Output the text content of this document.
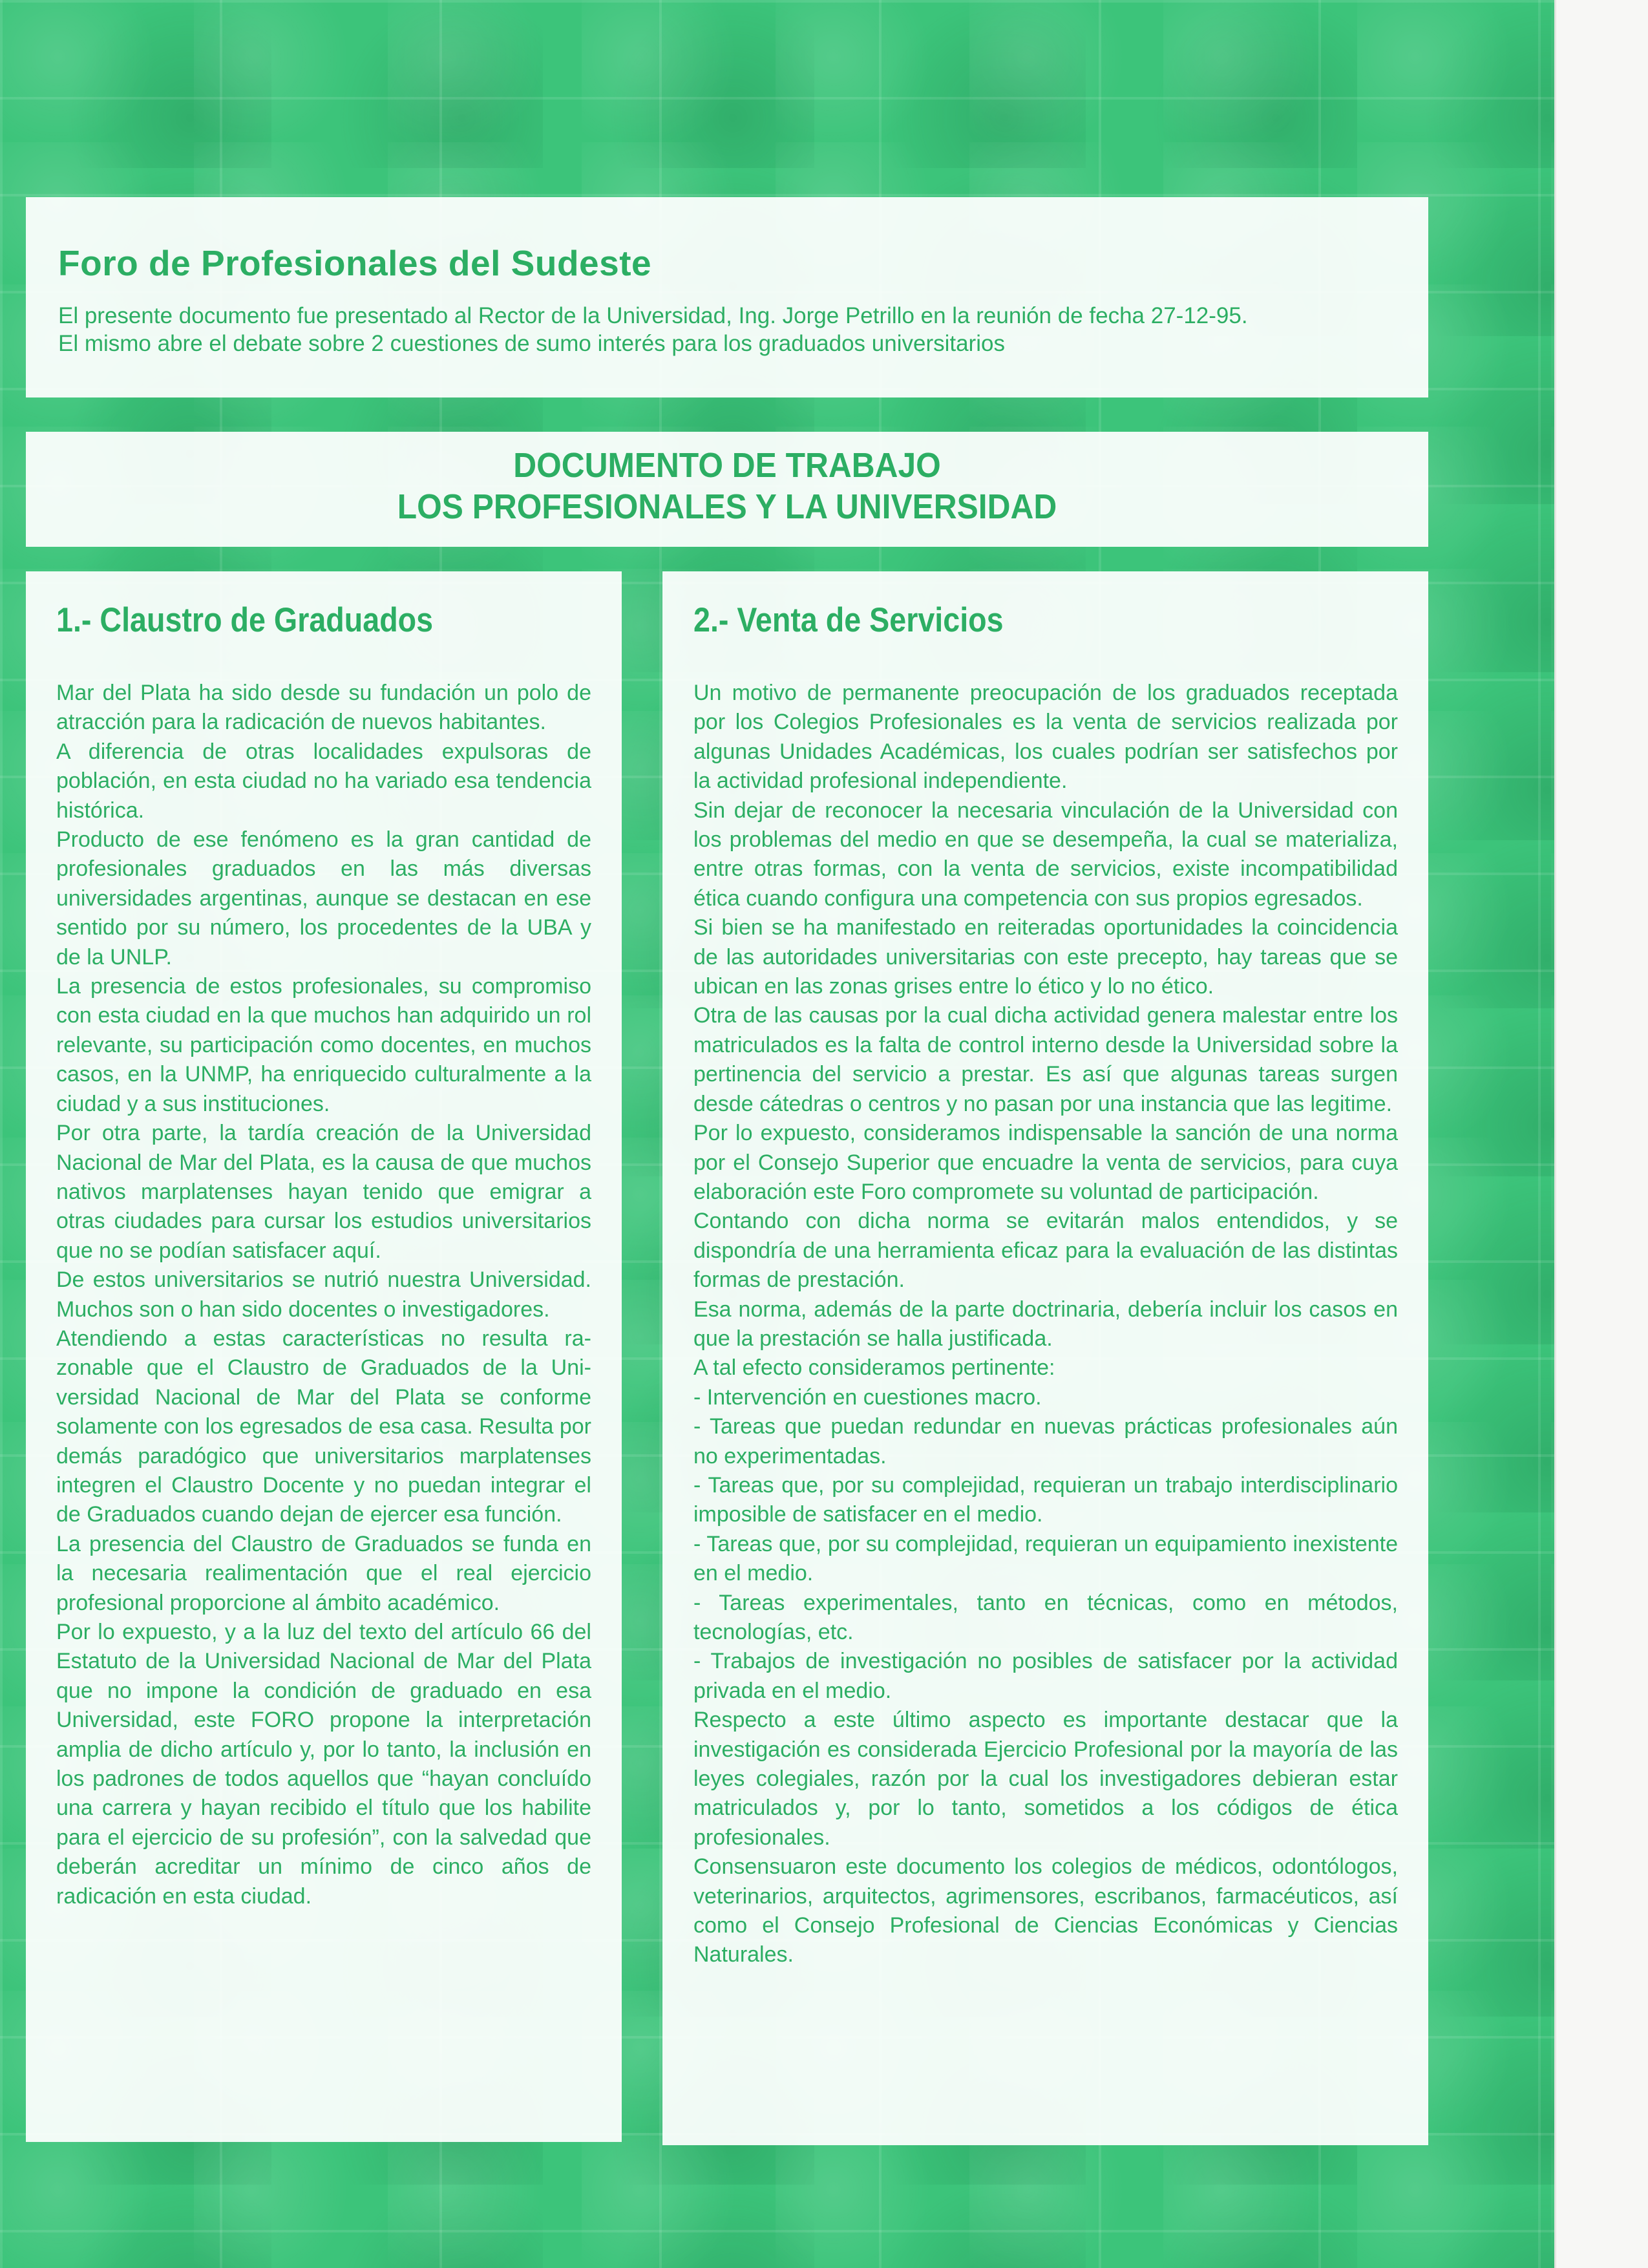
Foro de Profesionales del Sudeste

El presente documento fue presentado al Rector de la Universidad, Ing. Jorge Petrillo en la reunión de fecha 27-12-95.

El mismo abre el debate sobre 2 cuestiones de sumo interés para los graduados universitarios

DOCUMENTO DE TRABAJO
LOS PROFESIONALES Y LA UNIVERSIDAD
1.- Claustro de Graduados

Mar del Plata ha sido desde su fundación un polo de atracción para la radicación de nuevos habitantes.

A diferencia de otras localidades expulsoras de población, en esta ciudad no ha variado esa tendencia histórica.

Producto de ese fenómeno es la gran cantidad de profesionales graduados en las más diversas universidades argentinas, aunque se destacan en ese sentido por su número, los procedentes de la UBA y de la UNLP.

La presencia de estos profesionales, su compromiso con esta ciudad en la que muchos han adquirido un rol relevante, su participación como docentes, en muchos casos, en la UNMP, ha enriquecido culturalmente a la ciudad y a sus instituciones.

Por otra parte, la tardía creación de la Universidad Nacional de Mar del Plata, es la causa de que muchos nativos marplatenses hayan tenido que emigrar a otras ciudades para cursar los estudios universitarios que no se podían satisfacer aquí.

De estos universitarios se nutrió nuestra Universidad. Muchos son o han sido docentes o investigadores.

Atendiendo a estas características no resulta razonable que el Claustro de Graduados de la Universidad Nacional de Mar del Plata se conforme solamente con los egresados de esa casa. Resulta por demás paradógico que universitarios marplatenses integren el Claustro Docente y no puedan integrar el de Graduados cuando dejan de ejercer esa función.

La presencia del Claustro de Graduados se funda en la necesaria realimentación que el real ejercicio profesional proporcione al ámbito académico.

Por lo expuesto, y a la luz del texto del artículo 66 del Estatuto de la Universidad Nacional de Mar del Plata que no impone la condición de graduado en esa Universidad, este FORO propone la interpretación amplia de dicho artículo y, por lo tanto, la inclusión en los padrones de todos aquellos que “hayan concluído una carrera y hayan recibido el título que los habilite para el ejercicio de su profesión”, con la salvedad que deberán acreditar un mínimo de cinco años de radicación en esta ciudad.

2.- Venta de Servicios

Un motivo de permanente preocupación de los graduados receptada por los Colegios Profesionales es la venta de servicios realizada por algunas Unidades Académicas, los cuales podrían ser satisfechos por la actividad profesional independiente.

Sin dejar de reconocer la necesaria vinculación de la Universidad con los problemas del medio en que se desempeña, la cual se materializa, entre otras formas, con la venta de servicios, existe incompatibilidad ética cuando configura una competencia con sus propios egresados.

Si bien se ha manifestado en reiteradas oportunidades la coincidencia de las autoridades universitarias con este precepto, hay tareas que se ubican en las zonas grises entre lo ético y lo no ético.

Otra de las causas por la cual dicha actividad genera malestar entre los matriculados es la falta de control interno desde la Universidad sobre la pertinencia del servicio a prestar. Es así que algunas tareas surgen desde cátedras o centros y no pasan por una instancia que las legitime.

Por lo expuesto, consideramos indispensable la sanción de una norma por el Consejo Superior que encuadre la venta de servicios, para cuya elaboración este Foro compromete su voluntad de participación.

Contando con dicha norma se evitarán malos entendidos, y se dispondría de una herramienta eficaz para la evaluación de las distintas formas de prestación.

Esa norma, además de la parte doctrinaria, debería incluir los casos en que la prestación se halla justificada.

A tal efecto consideramos pertinente:

- Intervención en cuestiones macro.

- Tareas que puedan redundar en nuevas prácticas profesionales aún no experimentadas.

- Tareas que, por su complejidad, requieran un trabajo interdisciplinario imposible de satisfacer en el medio.

- Tareas que, por su complejidad, requieran un equipamiento inexistente en el medio.

- Tareas experimentales, tanto en técnicas, como en métodos, tecnologías, etc.

- Trabajos de investigación no posibles de satisfacer por la actividad privada en el medio.

Respecto a este último aspecto es importante destacar que la investigación es considerada Ejercicio Profesional por la mayoría de las leyes colegiales, razón por la cual los investigadores debieran estar matriculados y, por lo tanto, sometidos a los códigos de ética profesionales.

Consensuaron este documento los colegios de médicos, odontólogos, veterinarios, arquitectos, agrimensores, escribanos, farmacéuticos, así como el Consejo Profesional de Ciencias Económicas y Ciencias Naturales.
